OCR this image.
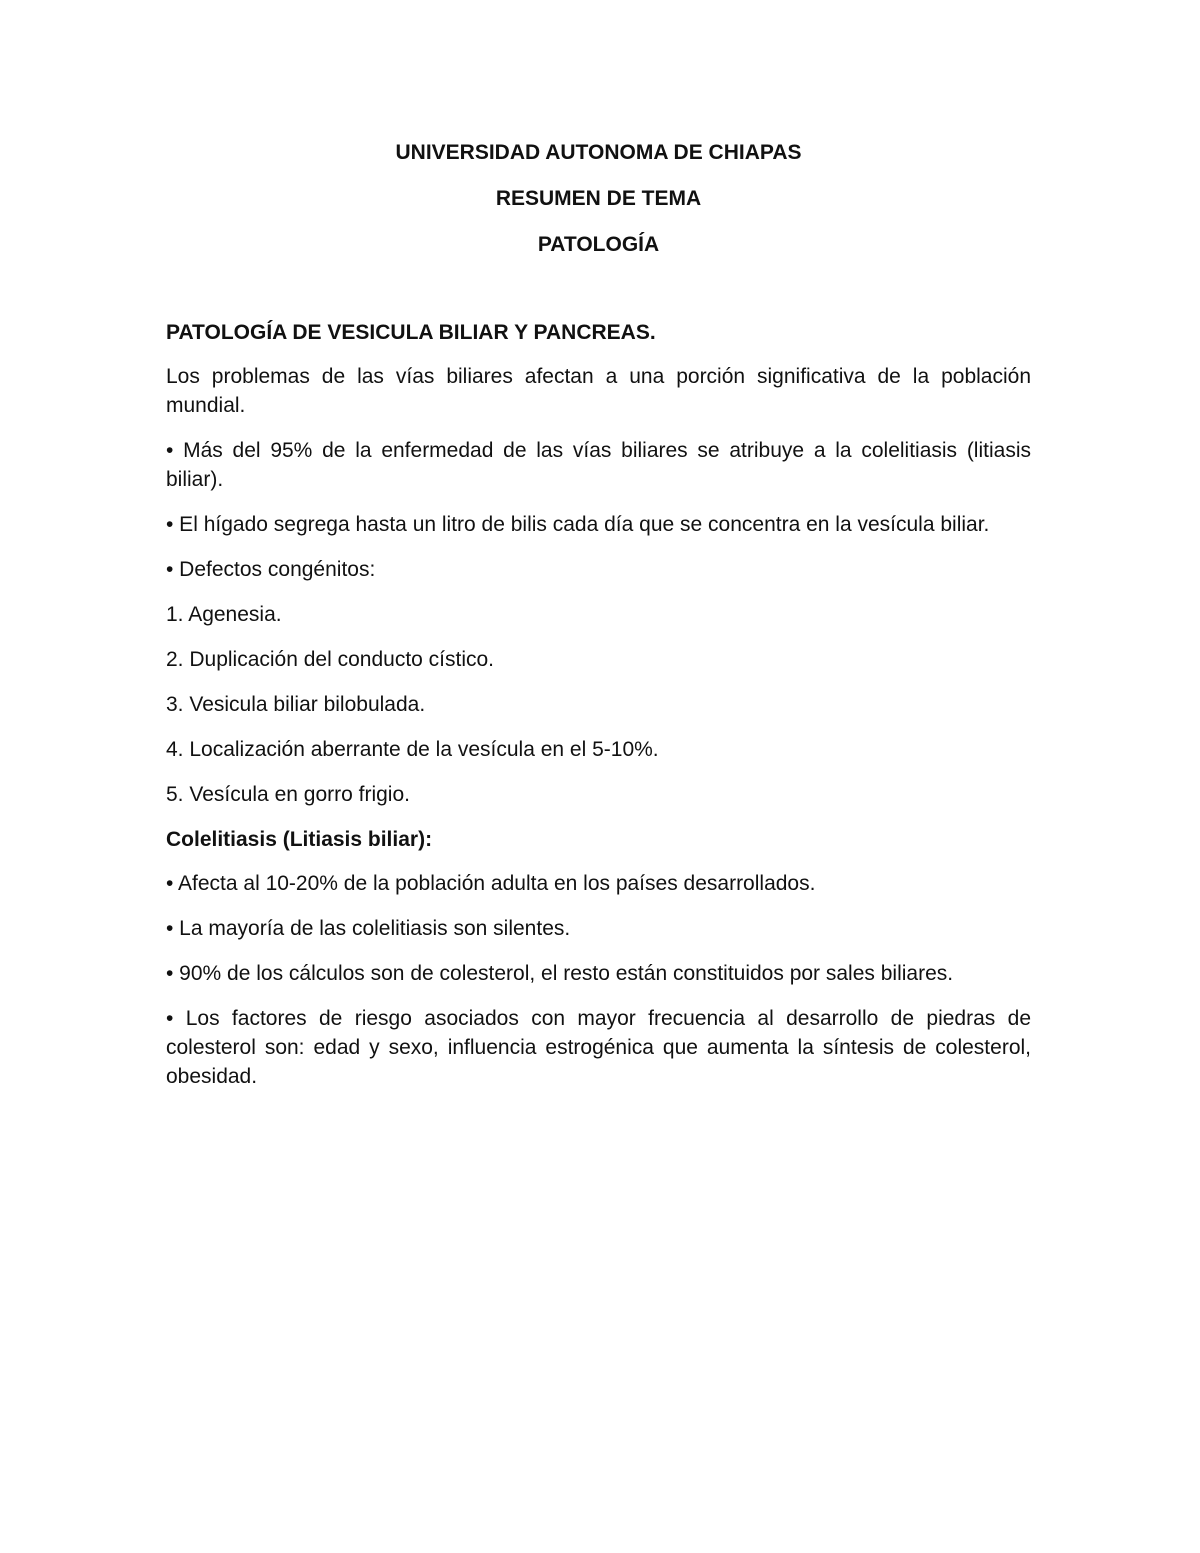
UNIVERSIDAD AUTONOMA DE CHIAPAS
RESUMEN DE TEMA
PATOLOGÍA
PATOLOGÍA DE VESICULA BILIAR Y PANCREAS.

Los problemas de las vías biliares afectan a una porción significativa de la población mundial.

• Más del 95% de la enfermedad de las vías biliares se atribuye a la colelitiasis (litiasis biliar).

• El hígado segrega hasta un litro de bilis cada día que se concentra en la vesícula biliar.

• Defectos congénitos:

1. Agenesia.

2. Duplicación del conducto cístico.

3. Vesicula biliar bilobulada.

4. Localización aberrante de la vesícula en el 5-10%.

5. Vesícula en gorro frigio.

Colelitiasis (Litiasis biliar):

• Afecta al 10-20% de la población adulta en los países desarrollados.

• La mayoría de las colelitiasis son silentes.

• 90% de los cálculos son de colesterol, el resto están constituidos por sales biliares.

• Los factores de riesgo asociados con mayor frecuencia al desarrollo de piedras de colesterol son: edad y sexo, influencia estrogénica que aumenta la síntesis de colesterol, obesidad.
